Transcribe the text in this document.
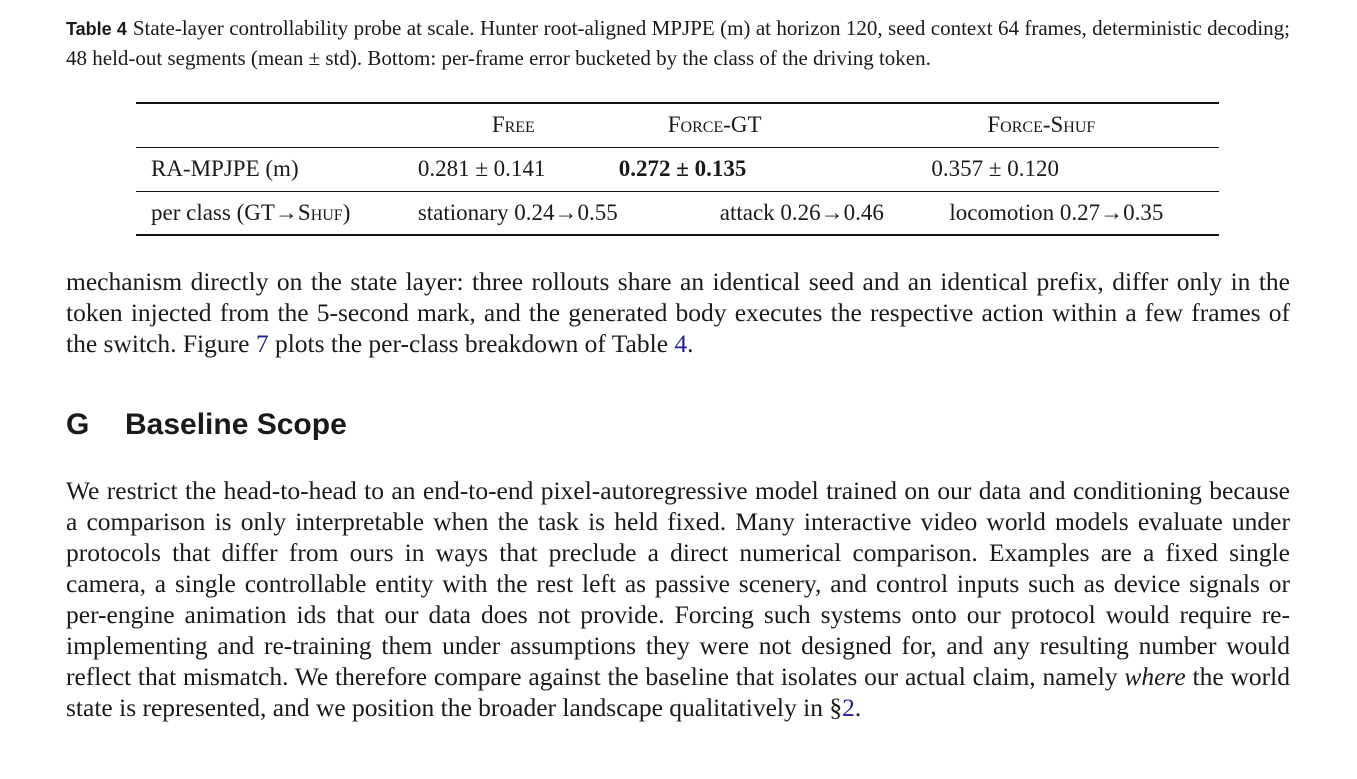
Table 4 State-layer controllability probe at scale. Hunter root-aligned MPJPE (m) at horizon 120, seed context 64 frames, deterministic decoding; 48 held-out segments (mean ± std). Bottom: per-frame error bucketed by the class of the driving token.
	Free	Force-GT	Force-Shuf
RA-MPJPE (m)	0.281 ± 0.141	0.272 ± 0.135	0.357 ± 0.120
per class (GT→Shuf)	stationary 0.24→0.55	attack 0.26→0.46	locomotion 0.27→0.35

mechanism directly on the state layer: three rollouts share an identical seed and an identical prefix, differ only in the token injected from the 5-second mark, and the generated body executes the respective action within a few frames of the switch. Figure 7 plots the per-class breakdown of Table 4.

G Baseline Scope

We restrict the head-to-head to an end-to-end pixel-autoregressive model trained on our data and conditioning because a comparison is only interpretable when the task is held fixed. Many interactive video world models evaluate under protocols that differ from ours in ways that preclude a direct numerical comparison. Examples are a fixed single camera, a single controllable entity with the rest left as passive scenery, and control inputs such as device signals or per-engine animation ids that our data does not provide. Forcing such systems onto our protocol would require re-implementing and re-training them under assumptions they were not designed for, and any resulting number would reflect that mismatch. We therefore compare against the baseline that isolates our actual claim, namely where the world state is represented, and we position the broader landscape qualitatively in §2.
